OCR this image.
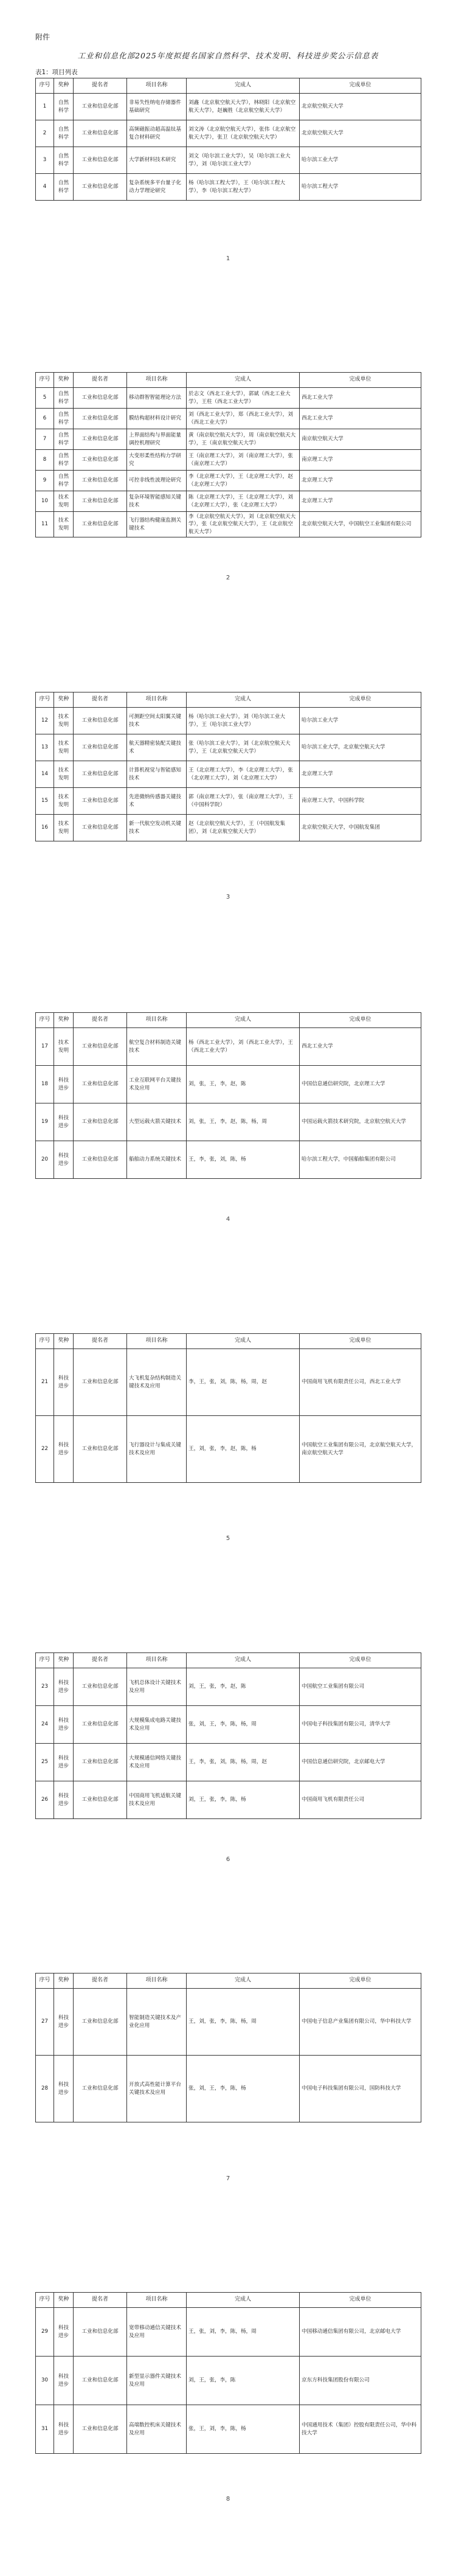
附件
工业和信息化部2025年度拟提名国家自然科学、技术发明、科技进步奖公示信息表
表1：项目列表
序号	奖种	提名者	项目名称	完成人	完成单位
1	自然科学	工业和信息化部	非易失性纳电存储器件基础研究	刘鑫（北京航空航天大学），林晓阳（北京航空航天大学），赵巍胜（北京航空航天大学）	北京航空航天大学
2	自然科学	工业和信息化部	高频磁振动超高温钛基复合材料研究	刘文涛（北京航空航天大学），张伟（北京航空航天大学），张卫（北京航空航天大学）	北京航空航天大学
3	自然科学	工业和信息化部	大学新材料技术研究	刘文（哈尔滨工业大学），吴（哈尔滨工业大学），刘（哈尔滨工业大学）	哈尔滨工业大学
4	自然科学	工业和信息化部	复杂系统多平台量子化动力学理论研究	杨（哈尔滨工程大学），王（哈尔滨工程大学），李（哈尔滨工程大学）	哈尔滨工程大学
1
序号	奖种	提名者	项目名称	完成人	完成单位
5	自然科学	工业和信息化部	移动群智智能理论方法	於志文（西北工业大学），郭斌（西北工业大学），王柱（西北工业大学）	西北工业大学
6	自然科学	工业和信息化部	膜结构超材料设计研究	刘（西北工业大学），郑（西北工业大学），刘（西北工业大学）	西北工业大学
7	自然科学	工业和信息化部	上界面结构与界面能量调控机理研究	黄（南京航空航天大学），周（南京航空航天大学），王（南京航空航天大学）	南京航空航天大学
8	自然科学	工业和信息化部	大变形柔性结构力学研究	王（南京理工大学），刘（南京理工大学），张（南京理工大学）	南京理工大学
9	自然科学	工业和信息化部	可控非线性波理论研究	李（北京理工大学），王（北京理工大学），赵（北京理工大学）	北京理工大学
10	技术发明	工业和信息化部	复杂环境智能感知关键技术	陈（北京理工大学），王（北京理工大学），刘（北京理工大学），张（北京理工大学）	北京理工大学
11	技术发明	工业和信息化部	飞行器结构健康监测关键技术	李（北京航空航天大学），刘（北京航空航天大学），张（北京航空航天大学），王（北京航空航天大学）	北京航空航天大学，中国航空工业集团有限公司
2
序号	奖种	提名者	项目名称	完成人	完成单位
12	技术发明	工业和信息化部	可测距空间太阳翼关键技术	杨（哈尔滨工业大学），刘（哈尔滨工业大学），王（哈尔滨工业大学）	哈尔滨工业大学
13	技术发明	工业和信息化部	航天器精密装配关键技术	张（哈尔滨工业大学），刘（北京航空航天大学），王（北京航空航天大学）	哈尔滨工业大学，北京航空航天大学
14	技术发明	工业和信息化部	计算机视觉与智能感知技术	王（北京理工大学），李（北京理工大学），张（北京理工大学），刘（北京理工大学）	北京理工大学
15	技术发明	工业和信息化部	先进微纳传感器关键技术	郭（南京理工大学），张（南京理工大学），王（中国科学院）	南京理工大学，中国科学院
16	技术发明	工业和信息化部	新一代航空发动机关键技术	赵（北京航空航天大学），王（中国航发集团），刘（北京航空航天大学）	北京航空航天大学，中国航发集团
3
序号	奖种	提名者	项目名称	完成人	完成单位
17	技术发明	工业和信息化部	航空复合材料制造关键技术	杨（西北工业大学），刘（西北工业大学），王（西北工业大学）	西北工业大学
18	科技进步	工业和信息化部	工业互联网平台关键技术及应用	刘，张，王，李，赵，陈	中国信息通信研究院，北京理工大学
19	科技进步	工业和信息化部	大型运载火箭关键技术	刘，张，王，李，赵，陈，杨，周	中国运载火箭技术研究院，北京航空航天大学
20	科技进步	工业和信息化部	船舶动力系统关键技术	王，李，张，刘，陈，杨	哈尔滨工程大学，中国船舶集团有限公司
4
序号	奖种	提名者	项目名称	完成人	完成单位
21	科技进步	工业和信息化部	大飞机复杂结构制造关键技术及应用	李，王，张，刘，陈，杨，周，赵	中国商用飞机有限责任公司，西北工业大学
22	科技进步	工业和信息化部	飞行器设计与集成关键技术及应用	王，刘，张，李，赵，陈，杨	中国航空工业集团有限公司，北京航空航天大学，南京航空航天大学
5
序号	奖种	提名者	项目名称	完成人	完成单位
23	科技进步	工业和信息化部	飞机总体设计关键技术及应用	刘，王，张，李，赵，陈	中国航空工业集团有限公司
24	科技进步	工业和信息化部	大规模集成电路关键技术及应用	张，刘，王，李，陈，杨，周	中国电子科技集团有限公司，清华大学
25	科技进步	工业和信息化部	大规模通信网络关键技术及应用	王，李，张，刘，陈，杨，周，赵	中国信息通信研究院，北京邮电大学
26	科技进步	工业和信息化部	中国商用飞机适航关键技术及应用	刘，王，张，李，陈，杨	中国商用飞机有限责任公司
6
序号	奖种	提名者	项目名称	完成人	完成单位
27	科技进步	工业和信息化部	智能制造关键技术及产业化应用	王，刘，张，李，陈，杨，周	中国电子信息产业集团有限公司，华中科技大学
28	科技进步	工业和信息化部	开放式高性能计算平台关键技术及应用	张，刘，王，李，陈，杨	中国电子科技集团有限公司，国防科技大学
7
序号	奖种	提名者	项目名称	完成人	完成单位
29	科技进步	工业和信息化部	宽带移动通信关键技术及应用	王，张，刘，李，陈，杨，周	中国移动通信集团有限公司，北京邮电大学
30	科技进步	工业和信息化部	新型显示器件关键技术及应用	刘，王，张，李，陈	京东方科技集团股份有限公司
31	科技进步	工业和信息化部	高端数控机床关键技术及应用	张，王，刘，李，陈，杨	中国通用技术（集团）控股有限责任公司，华中科技大学
8
